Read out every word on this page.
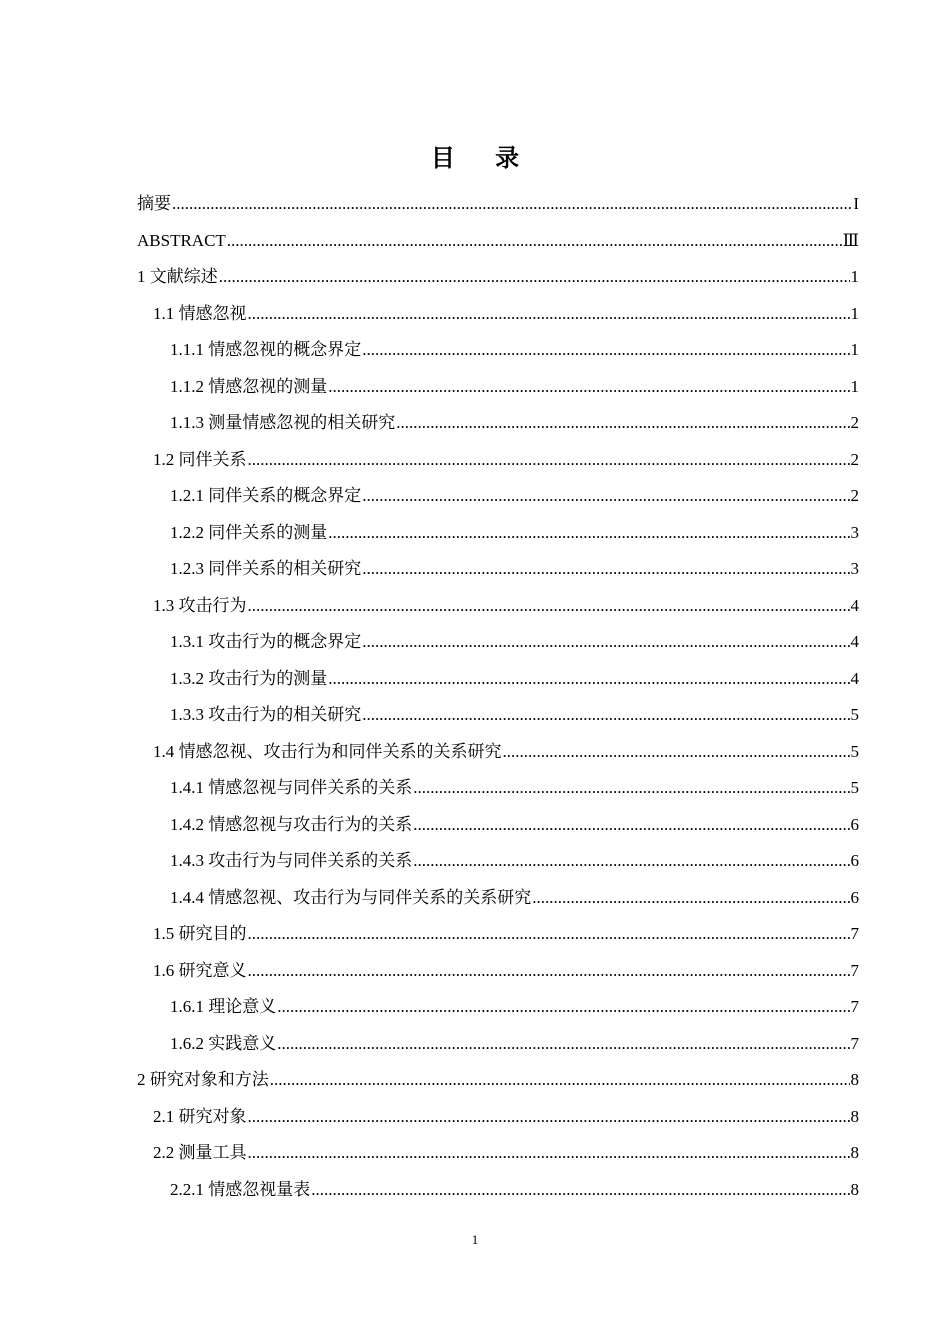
目 录
摘要 .....	I
ABSTRACT .....	Ⅲ
1 文献综述 .....	1
1.1 情感忽视 .....	1
1.1.1 情感忽视的概念界定 .....	1
1.1.2 情感忽视的测量 .....	1
1.1.3 测量情感忽视的相关研究 .....	2
1.2 同伴关系 .....	2
1.2.1 同伴关系的概念界定 .....	2
1.2.2 同伴关系的测量 .....	3
1.2.3 同伴关系的相关研究 .....	3
1.3 攻击行为 .....	4
1.3.1 攻击行为的概念界定 .....	4
1.3.2 攻击行为的测量 .....	4
1.3.3 攻击行为的相关研究 .....	5
1.4 情感忽视、攻击行为和同伴关系的关系研究 .....	5
1.4.1 情感忽视与同伴关系的关系 .....	5
1.4.2 情感忽视与攻击行为的关系 .....	6
1.4.3 攻击行为与同伴关系的关系 .....	6
1.4.4 情感忽视、攻击行为与同伴关系的关系研究 .....	6
1.5 研究目的 .....	7
1.6 研究意义 .....	7
1.6.1 理论意义 .....	7
1.6.2 实践意义 .....	7
2 研究对象和方法 .....	8
2.1 研究对象 .....	8
2.2 测量工具 .....	8
2.2.1 情感忽视量表 .....	8
1
